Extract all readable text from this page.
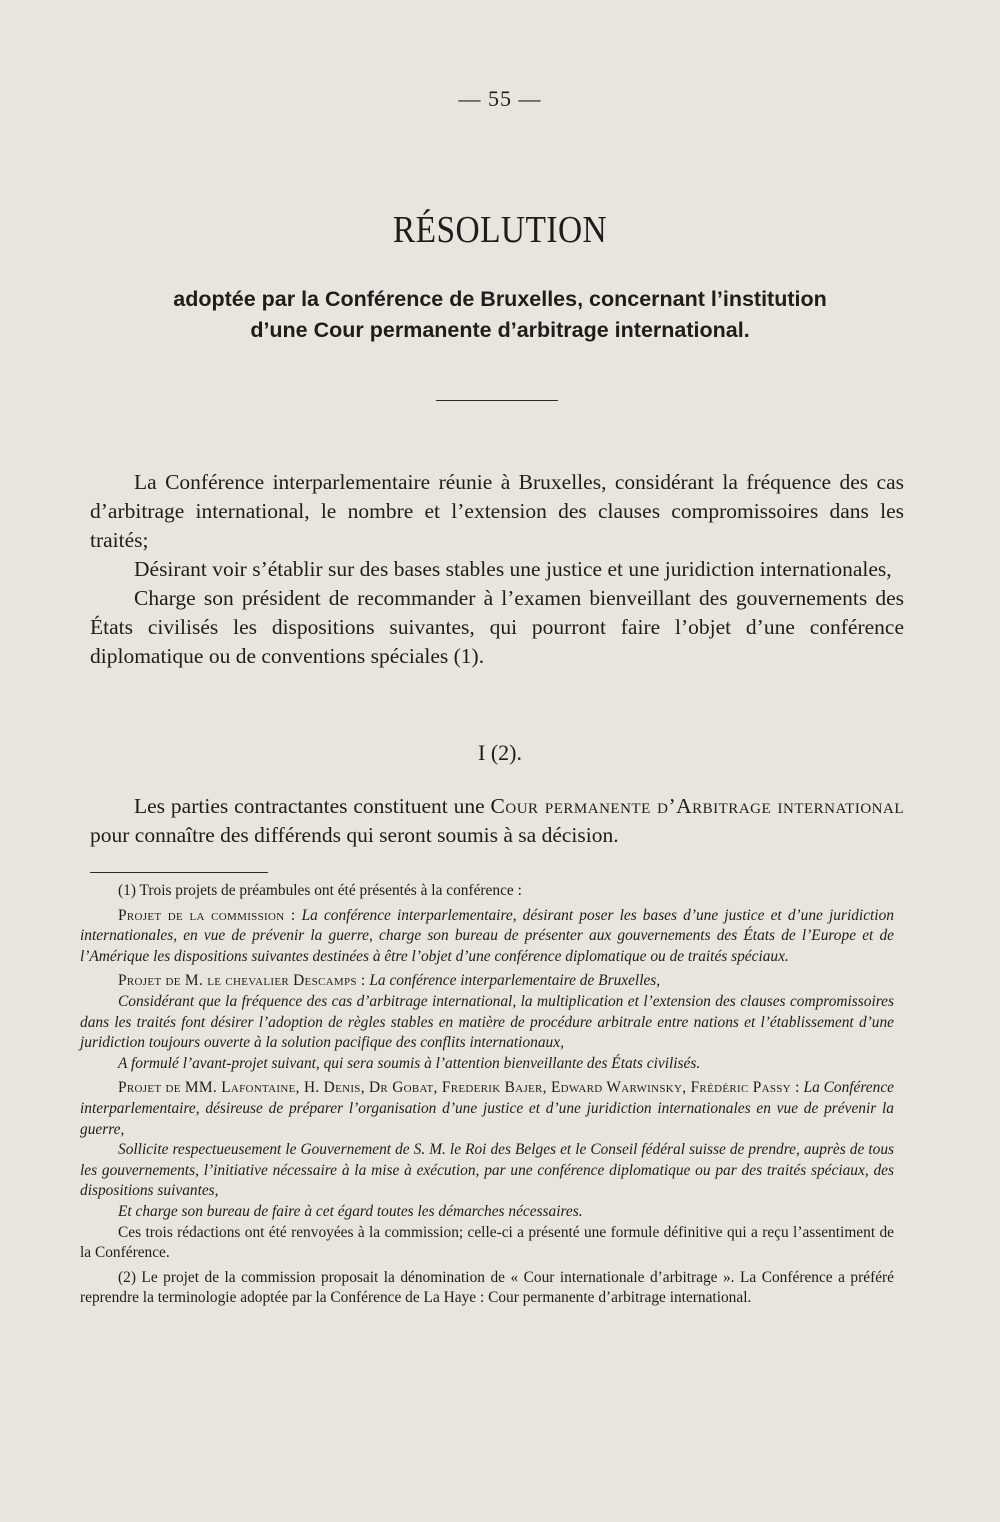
— 55 —
RÉSOLUTION
adoptée par la Conférence de Bruxelles, concernant l’institution
d’une Cour permanente d’arbitrage international.

La Conférence interparlementaire réunie à Bruxelles, considérant la fréquence des cas d’arbitrage international, le nombre et l’extension des clauses compromissoires dans les traités;

Désirant voir s’établir sur des bases stables une justice et une juridiction internationales,

Charge son président de recommander à l’examen bienveillant des gouvernements des États civilisés les dispositions suivantes, qui pourront faire l’objet d’une conférence diplomatique ou de conventions spéciales (1).

I (2).

Les parties contractantes constituent une Cour permanente d’Arbitrage international pour connaître des différends qui seront soumis à sa décision.

(1) Trois projets de préambules ont été présentés à la conférence :

Projet de la commission : La conférence interparlementaire, désirant poser les bases d’une justice et d’une juridiction internationales, en vue de prévenir la guerre, charge son bureau de présenter aux gouvernements des États de l’Europe et de l’Amérique les dispositions suivantes destinées à être l’objet d’une conférence diplomatique ou de traités spéciaux.

Projet de M. le chevalier Descamps : La conférence interparlementaire de Bruxelles,

Considérant que la fréquence des cas d’arbitrage international, la multiplication et l’extension des clauses compromissoires dans les traités font désirer l’adoption de règles stables en matière de procédure arbitrale entre nations et l’établissement d’une juridiction toujours ouverte à la solution pacifique des conflits internationaux,

A formulé l’avant-projet suivant, qui sera soumis à l’attention bienveillante des États civilisés.

Projet de MM. Lafontaine, H. Denis, Dr Gobat, Frederik Bajer, Edward Warwinsky, Frédéric Passy : La Conférence interparlementaire, désireuse de préparer l’organisation d’une justice et d’une juridiction internationales en vue de prévenir la guerre,

Sollicite respectueusement le Gouvernement de S. M. le Roi des Belges et le Conseil fédéral suisse de prendre, auprès de tous les gouvernements, l’initiative nécessaire à la mise à exécution, par une conférence diplomatique ou par des traités spéciaux, des dispositions suivantes,

Et charge son bureau de faire à cet égard toutes les démarches nécessaires.

Ces trois rédactions ont été renvoyées à la commission; celle-ci a présenté une formule définitive qui a reçu l’assentiment de la Conférence.

(2) Le projet de la commission proposait la dénomination de « Cour internationale d’arbitrage ». La Conférence a préféré reprendre la terminologie adoptée par la Conférence de La Haye : Cour permanente d’arbitrage international.
